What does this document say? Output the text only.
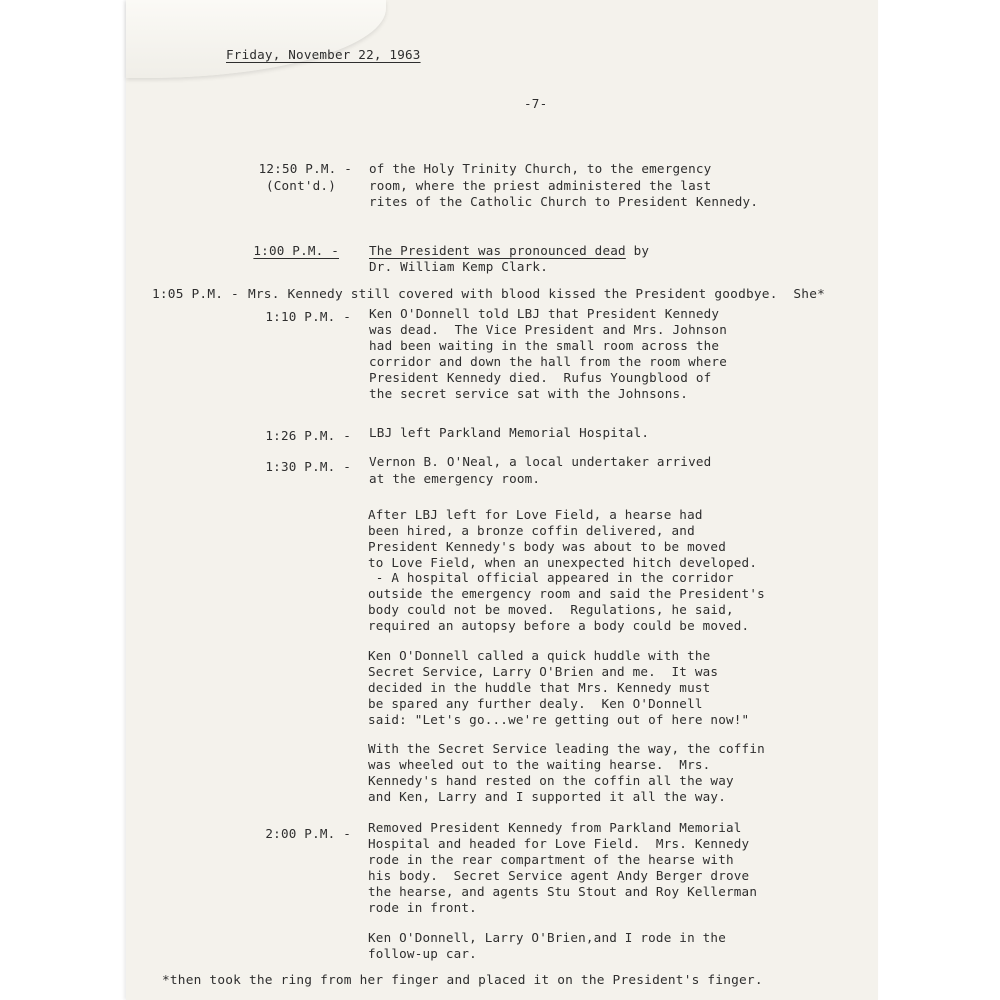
Friday, November 22, 1963
-7-
12:50 P.M. -
(Cont'd.)
of the Holy Trinity Church, to the emergency
room, where the priest administered the last
rites of the Catholic Church to President Kennedy.
1:00 P.M. - The President was pronounced dead by
Dr. William Kemp Clark.
1:05 P.M. - Mrs. Kennedy still covered with blood kissed the President goodbye.  She*
1:10 P.M. - Ken O'Donnell told LBJ that President Kennedy
was dead.  The Vice President and Mrs. Johnson
had been waiting in the small room across the
corridor and down the hall from the room where
President Kennedy died.  Rufus Youngblood of
the secret service sat with the Johnsons.
1:26 P.M. - LBJ left Parkland Memorial Hospital.
1:30 P.M. - Vernon B. O'Neal, a local undertaker arrived
at the emergency room.
After LBJ left for Love Field, a hearse had
been hired, a bronze coffin delivered, and
President Kennedy's body was about to be moved
to Love Field, when an unexpected hitch developed.
- A hospital official appeared in the corridor
outside the emergency room and said the President's
body could not be moved.  Regulations, he said,
required an autopsy before a body could be moved.
Ken O'Donnell called a quick huddle with the
Secret Service, Larry O'Brien and me.  It was
decided in the huddle that Mrs. Kennedy must
be spared any further dealy.  Ken O'Donnell
said: "Let's go...we're getting out of here now!"
With the Secret Service leading the way, the coffin
was wheeled out to the waiting hearse.  Mrs.
Kennedy's hand rested on the coffin all the way
and Ken, Larry and I supported it all the way.
2:00 P.M. - Removed President Kennedy from Parkland Memorial
Hospital and headed for Love Field.  Mrs. Kennedy
rode in the rear compartment of the hearse with
his body.  Secret Service agent Andy Berger drove
the hearse, and agents Stu Stout and Roy Kellerman
rode in front.
Ken O'Donnell, Larry O'Brien,and I rode in the
follow-up car.
*then took the ring from her finger and placed it on the President's finger.
